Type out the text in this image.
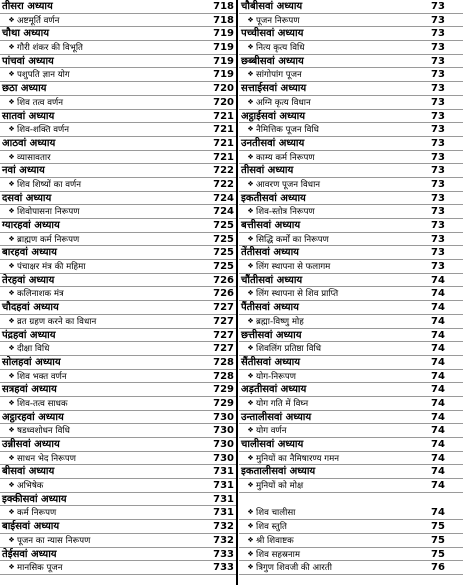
तीसरा अध्याय	718
❖ अष्टमूर्ति वर्णन	718
चौथा अध्याय	719
❖ गौरी शंकर की विभूति	719
पांचवां अध्याय	719
❖ पशुपति ज्ञान योग	719
छठा अध्याय	720
❖ शिव तत्व वर्णन	720
सातवां अध्याय	721
❖ शिव-शक्ति वर्णन	721
आठवां अध्याय	721
❖ व्यासावतार	721
नवां अध्याय	722
❖ शिव शिष्यों का वर्णन	722
दसवां अध्याय	724
❖ शिवोपासना निरूपण	724
ग्यारहवां अध्याय	725
❖ ब्राह्मण कर्म निरूपण	725
बारहवां अध्याय	725
❖ पंचाक्षर मंत्र की महिमा	725
तेरहवां अध्याय	726
❖ कलिनाशक मंत्र	726
चौदहवां अध्याय	727
❖ व्रत ग्रहण करने का विधान	727
पंद्रहवां अध्याय	727
❖ दीक्षा विधि	727
सोलहवां अध्याय	728
❖ शिव भक्त वर्णन	728
सत्रहवां अध्याय	729
❖ शिव-तत्व साधक	729
अट्ठारहवां अध्याय	730
❖ षडध्वशोधन विधि	730
उन्नीसवां अध्याय	730
❖ साधन भेद निरूपण	730
बीसवां अध्याय	731
❖ अभिषेक	731
इक्कीसवां अध्याय	731
❖ कर्म निरूपण	731
बाईसवां अध्याय	732
❖ पूजन का न्यास निरूपण	732
तेईसवां अध्याय	733
❖ मानसिक पूजन	733
चौबीसवां अध्याय	73
❖ पूजन निरूपण	73
पच्चीसवां अध्याय	73
❖ नित्य कृत्य विधि	73
छब्बीसवां अध्याय	73
❖ सांगोपांग पूजन	73
सत्ताईसवां अध्याय	73
❖ अग्नि कृत्य विधान	73
अट्ठाईसवां अध्याय	73
❖ नैमित्तिक पूजन विधि	73
उनतीसवां अध्याय	73
❖ काम्य कर्म निरूपण	73
तीसवां अध्याय	73
❖ आवरण पूजन विधान	73
इकतीसवां अध्याय	73
❖ शिव-स्तोत्र निरूपण	73
बत्तीसवां अध्याय	73
❖ सिद्धि कर्मों का निरूपण	73
तेंतीसवां अध्याय	73
❖ लिंग स्थापना से फलागम	73
चौंतीसवां अध्याय	74
❖ लिंग स्थापना से शिव प्राप्ति	74
पैंतीसवां अध्याय	74
❖ ब्रह्मा-विष्णु मोह	74
छत्तीसवां अध्याय	74
❖ शिवलिंग प्रतिष्ठा विधि	74
सैंतीसवां अध्याय	74
❖ योग-निरूपण	74
अड़तीसवां अध्याय	74
❖ योग गति में विघ्न	74
उन्तालीसवां अध्याय	74
❖ योग वर्णन	74
चालीसवां अध्याय	74
❖ मुनियों का नैमिषारण्य गमन	74
इकतालीसवां अध्याय	74
❖ मुनियों को मोक्ष	74
❖ शिव चालीसा	74
❖ शिव स्तुति	75
❖ श्री शिवाष्टक	75
❖ शिव सहस्रनाम	75
❖ त्रिगुण शिवजी की आरती	76
